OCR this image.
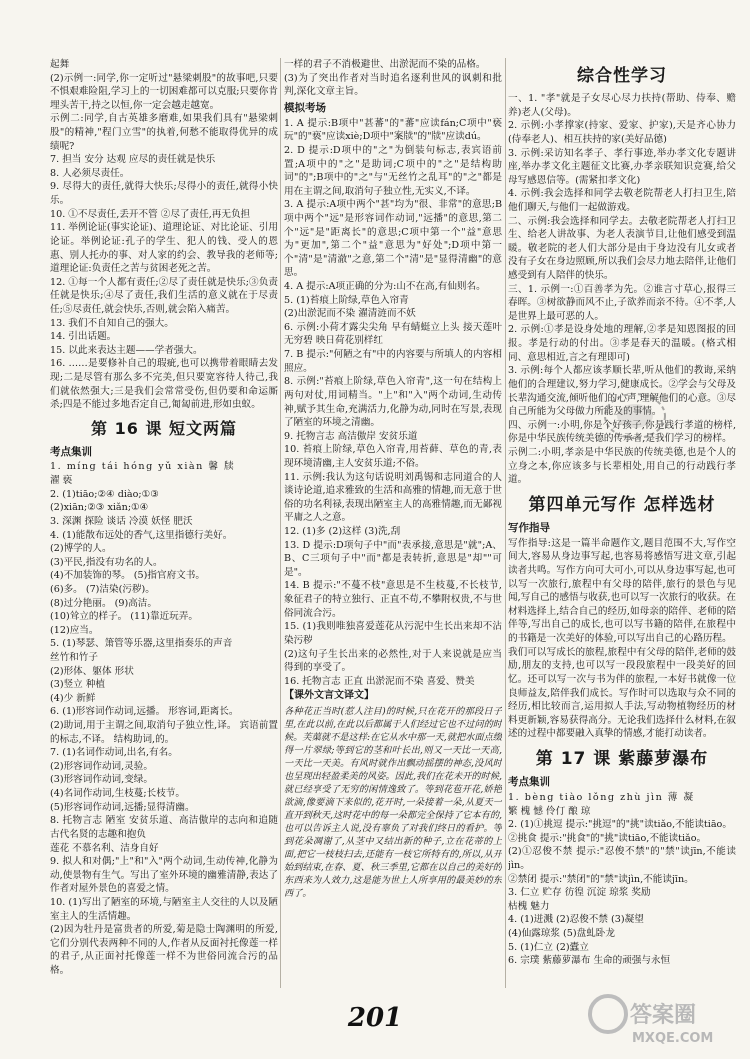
起舞

(2)示例一:同学,你一定听过"悬梁刺股"的故事吧,只要不惧艰难险阻,学习上的一切困难都可以克服;只要你肯埋头苦干,持之以恒,你一定会越走越宽。

示例二:同学,自古英雄多磨难,如果我们具有"悬梁刺股"的精神,"程门立雪"的执着,何愁不能取得优异的成绩呢?

7. 担当 安分 达观 应尽的责任就是快乐

8. 人必须尽责任。

9. 尽得大的责任,就得大快乐;尽得小的责任,就得小快乐。

10. ①不尽责任,丢开不管 ②尽了责任,再无负担

11. 举例论证(事实论证)、道理论证、对比论证、引用论证。举例论证:孔子的学生、犯人的钱、受人的恩惠、别人托办的事、对人家的约会、教导我的老师等;道理论证:负责任之苦与贫困老死之苦。

12. ①每一个人都有责任;②尽了责任就是快乐;③负责任就是快乐;④尽了责任,我们生活的意义就在于尽责任;⑤尽责任,就会快乐,否则,就会陷入痛苦。

13. 我们不自知自己的强大。

14. 引出话题。

15. 以此来表达主题——学者强大。

16. ……是要修补自己的瑕疵,也可以携带着眼睛去发现;二是尽管有那么多不完美,但只要宽容待人待己,我们就依然强大;三是我们会常常受伤,但仍要和命运厮杀;四是不能过多地否定自己,匍匐前进,形如虫蚁。

第 16 课 短文两篇

考点集训

1. míng tái hóng yǔ xiàn 馨 牍

濯 亵

2. (1)tiāo;②④ diào;①③

(2)xiān;②③ xiǎn;①④

3. 深渊 探险 谈话 冷漠 妖怪 肥沃

4. (1)能散布远处的香气,这里指德行美好。

(2)博学的人。

(3)平民,指没有功名的人。

(4)不加装饰的琴。 (5)指官府文书。

(6)多。 (7)洁染(污秽)。

(8)过分艳丽。 (9)高洁。

(10)耸立的样子。 (11)靠近玩弄。

(12)应当。

5. (1)琴瑟、箫管等乐器,这里指奏乐的声音

丝竹和竹子

(2)形体、躯体 形状

(3)竖立 种植

(4)少 新鲜

6. (1)形容词作动词,远播。 形容词,距离长。

(2)助词,用于主谓之间,取消句子独立性,译。 宾语前置的标志,不译。 结构助词,的。

7. (1)名词作动词,出名,有名。

(2)形容词作动词,灵验。

(3)形容词作动词,变绿。

(4)名词作动词,生枝蔓;长枝节。

(5)形容词作动词,远播;显得清幽。

8. 托物言志 陋室 安贫乐道、高洁傲岸的志向和追随古代名贤的志趣和抱负

莲花 不慕名利、洁身自好

9. 拟人和对偶;"上"和"入"两个动词,生动传神,化静为动,使景物有生气。写出了室外环境的幽雅清静,表达了作者对屋外景色的喜爱之情。

10. (1)写出了陋室的环境,与陋室主人交往的人以及陋室主人的生活情趣。

(2)因为牡丹是富贵者的所爱,菊是隐士陶渊明的所爱,它们分别代表两种不同的人,作者从反面衬托像莲一样的君子,从正面衬托像莲一样不为世俗同流合污的品格。

一样的君子不消极避世、出淤泥而不染的品格。

(3)为了突出作者对当时追名逐利世风的讽刺和批判,深化文章主旨。

模拟考场

1. A 提示:B项中"甚蕃"的"蕃"应读fán;C项中"亵玩"的"亵"应读xiè;D项中"案牍"的"牍"应读dú。

2. D 提示:D项中的"之"为倒装句标志,表宾语前置;A项中的"之"是助词;C项中的"之"是结构助词"的";B项中的"之"与"无丝竹之乱耳"的"之"都是用在主谓之间,取消句子独立性,无实义,不译。

3. A 提示:A项中两个"甚"均为"很、非常"的意思;B项中两个"远"是形容词作动词,"远播"的意思,第二个"远"是"距离长"的意思;C项中第一个"益"意思为"更加",第二个"益"意思为"好处";D项中第一个"清"是"清澈"之意,第二个"清"是"显得清幽"的意思。

4. A 提示:A项正确的分为:山不在高,有仙则名。

5. (1)苔痕上阶绿,草色入帘青

(2)出淤泥而不染 濯清涟而不妖

6. 示例:小荷才露尖尖角 早有蜻蜓立上头 接天莲叶无穷碧 映日荷花别样红

7. B 提示:"何陋之有"中的内容要与所填人的内容相照应。

8. 示例:"苔痕上阶绿,草色入帘青",这一句在结构上两句对仗,用词精当。"上"和"入"两个动词,生动传神,赋予其生命,充满活力,化静为动,同时在写景,表现了陋室的环境之清幽。

9. 托物言志 高洁傲岸 安贫乐道

10. 苔痕上阶绿,草色入帘青,用苔藓、草色的青,表现环境清幽,主人安贫乐道;不俗。

11. 示例:我认为这句话说明刘禹锡和志同道合的人谈诗论道,追求雅致的生活和高雅的情趣,而无意于世俗的功名利禄,表现出陋室主人的高雅情趣,而无鄙视平庸之人之意。

12. (1)多 (2)这样 (3)洗,刮

13. D 提示:D项句子中"而"表承接,意思是"就";A、B、C三项句子中"而"都是表转折,意思是"却""可是"。

14. B 提示:"不蔓不枝"意思是不生枝蔓,不长枝节,象征君子的特立独行、正直不苟,不攀附权贵,不与世俗同流合污。

15. (1)我则唯独喜爱莲花从污泥中生长出来却不沾染污秽

(2)这句子生长出来的必然性,对于人来说就是应当得到的享受了。

16. 托物言志 正直 出淤泥而不染 喜爱、赞美

【课外文言文译文】

各种花正当时(惹人注目)的时候,只在花开的那段日子里,在此以前,在此以后都属于人们经过它也不过问的时候。芙蕖就不是这样:在它从水中那一天,就把水面点缀得一片翠绿;等到它的茎和叶长出,则又一天比一天高,一天比一天美。有风时就作出飘动摇摆的神态,没风时也呈现出轻盈柔美的风姿。因此,我们在花未开的时候,就已经享受了无穷的闲情逸致了。等到花苞开花,娇艳欲滴,像要滴下来似的,花开时,一朵接着一朵,从夏天一直开到秋天,这时花中的每一朵都完全保持了它本有的,也可以告诉主人说,没有辜负了对我们终日的看护。等到花朵凋谢了,从茎中又结出新的种子,立在花蒂的上面,把它一枝枝扫去,还能有一枝它所特有的,所以,从开始到结束,在春、夏、秋三季里,它都在以自己的美好的东西来为人效力,这是能为世上人所享用的最美妙的东西了。

综合性学习

一、1. "孝"就是子女尽心尽力扶持(帮助、侍奉、赡养)老人(父母)。

2. 示例:小孝撑家(持家、爱家、护家),天是齐心协力(侍奉老人)、相互扶持的家(美好品德)

3. 示例:采访知名孝子、孝行事迹,举办孝文化专题讲座,举办孝文化主题征文比赛,办孝亲联知识竞赛,给父母写感恩信等。(需紧扣孝文化)

4. 示例:我会选择和同学去敬老院帮老人打扫卫生,陪他们聊天,与他们一起做游戏。

二、示例:我会选择和同学去。去敬老院帮老人打扫卫生、给老人讲故事、为老人表演节目,让他们感受到温暖。敬老院的老人们大部分是由于身边没有儿女或者没有子女在身边照顾,所以我们会尽力地去陪伴,让他们感受到有人陪伴的快乐。

三、1. 示例一:①百善孝为先。②谁言寸草心,报得三春晖。③树欲静而风不止,子欲养而亲不待。④不孝,人是世界上最可恶的人。

2. 示例:①孝是设身处地的理解,②孝是知恩图报的回报。孝是行动的付出。③孝是春天的温暖。(格式相同、意思相近,言之有理即可)

3. 示例:每个人都应该孝顺长辈,听从他们的教诲,采纳他们的合理建议,努力学习,健康成长。②学会与父母及长辈沟通交流,倾听他们的心声,理解他们的心意。③尽自己所能为父母做力所能及的事情。

四、示例一:小明,你是个好孩子,你是践行孝道的榜样,你是中华民族传统美德的传承者,是我们学习的榜样。

示例二:小明,孝亲是中华民族的传统美德,也是个人的立身之本,你应该多与长辈相处,用自己的行动践行孝道。

第四单元写作 怎样选材

写作指导

写作指导:这是一篇半命题作文,题目范围不大,写作空间大,容易从身边事写起,也容易将感悟写进文章,引起读者共鸣。写作方向可大可小,可以从身边事写起,也可以写一次旅行,旅程中有父母的陪伴,旅行的景色与见闻,写自己的感悟与收获,也可以写一次旅行的收获。在材料选择上,结合自己的经历,如母亲的陪伴、老师的陪伴等,写出自己的成长,也可以写书籍的陪伴,在旅程中的书籍是一次美好的体验,可以写出自己的心路历程。

我们可以写成长的旅程,旅程中有父母的陪伴,老师的鼓励,朋友的支持,也可以写一段段旅程中一段美好的回忆。还可以写一次与书为伴的旅程,一本好书就像一位良师益友,陪伴我们成长。写作时可以选取与众不同的经历,相比较而言,运用拟人手法,写动物植物经历的材料更新颖,容易获得高分。无论我们选择什么材料,在叙述的过程中都要融入真挚的情感,才能打动读者。

第 17 课 紫藤萝瀑布

考点集训

1. bèng tiào lǒng zhù jìn 薄 凝

繁 槐 憾 伶仃 酿 琼

2. (1)①挑逗 提示:"挑逗"的"挑"读tiǎo,不能读tiāo。

②挑食 提示:"挑食"的"挑"读tiāo,不能读tiǎo。

(2)①忍俊不禁 提示:"忍俊不禁"的"禁"读jīn,不能读jìn。

②禁闭 提示:"禁闭"的"禁"读jìn,不能读jīn。

3. 仁立 贮存 彷徨 沉淀 琼浆 奖励

枯槐 魅力

4. (1)迸溅 (2)忍俊不禁 (3)凝望

(4)仙露琼浆 (5)盘虬卧龙

5. (1)仁立 (2)蠹立

6. 宗璞 紫藤萝瀑布 生命的顽强与永恒

201	答案圈
MXQE.COM
